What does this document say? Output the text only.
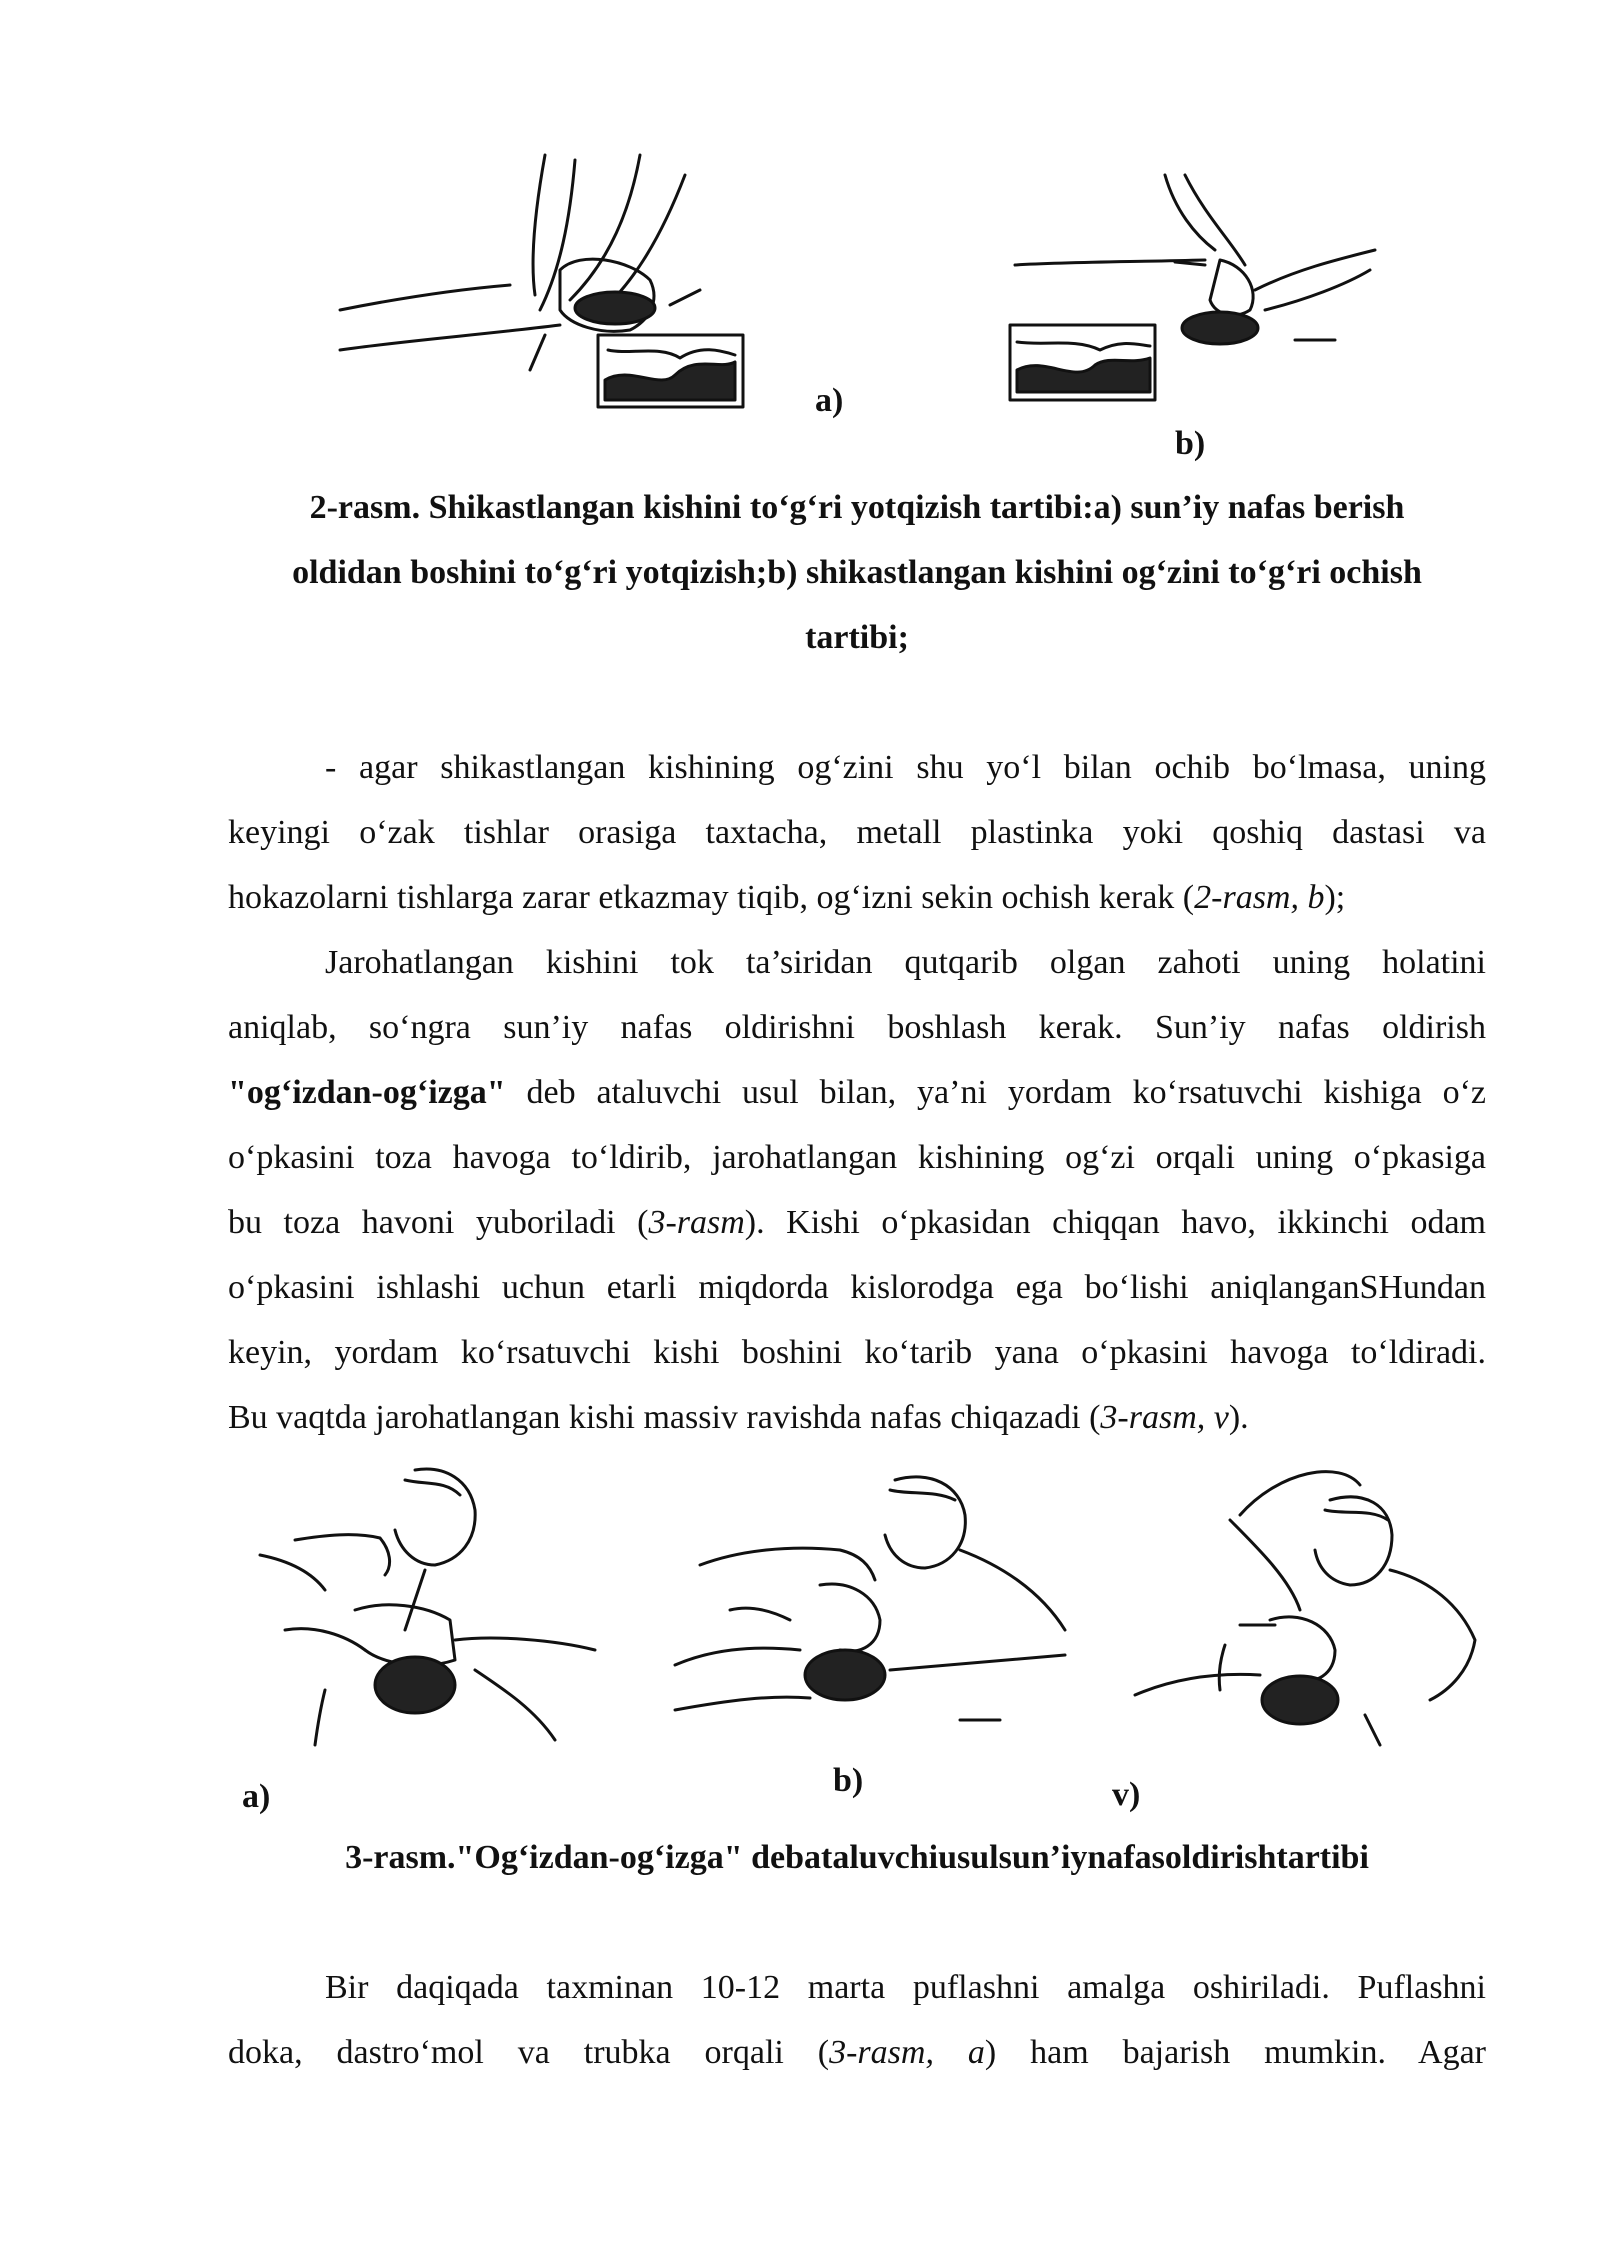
a)
b)
2-rasm. Shikastlangan kishini to‘g‘ri yotqizish tartibi:a) sun’iy nafas berish
oldidan boshini to‘g‘ri yotqizish;b) shikastlangan kishini og‘zini to‘g‘ri ochish
tartibi;
- agar shikastlangan kishining og‘zini shu yo‘l bilan ochib bo‘lmasa, uning
keyingi o‘zak tishlar orasiga taxtacha, metall plastinka yoki qoshiq dastasi va
hokazolarni tishlarga zarar etkazmay tiqib, og‘izni sekin ochish kerak (2-rasm, b);
Jarohatlangan kishini tok ta’siridan qutqarib olgan zahoti uning holatini
aniqlab, so‘ngra sun’iy nafas oldirishni boshlash kerak. Sun’iy nafas oldirish
"og‘izdan-og‘izga" deb ataluvchi usul bilan, ya’ni yordam ko‘rsatuvchi kishiga o‘z
o‘pkasini toza havoga to‘ldirib, jarohatlangan kishining og‘zi orqali uning o‘pkasiga
bu toza havoni yuboriladi (3-rasm). Kishi o‘pkasidan chiqqan havo, ikkinchi odam
o‘pkasini ishlashi uchun etarli miqdorda kislorodga ega bo‘lishi aniqlanganSHundan
keyin, yordam ko‘rsatuvchi kishi boshini ko‘tarib yana o‘pkasini havoga to‘ldiradi.
Bu vaqtda jarohatlangan kishi massiv ravishda nafas chiqazadi (3-rasm, v).
a)	b)	v)
3-rasm."Og‘izdan-og‘izga" debataluvchiusulsun’iynafasoldirishtartibi
Bir daqiqada taxminan 10-12 marta puflashni amalga oshiriladi. Puflashni
doka, dastro‘mol va trubka orqali (3-rasm, a) ham bajarish mumkin. Agar
